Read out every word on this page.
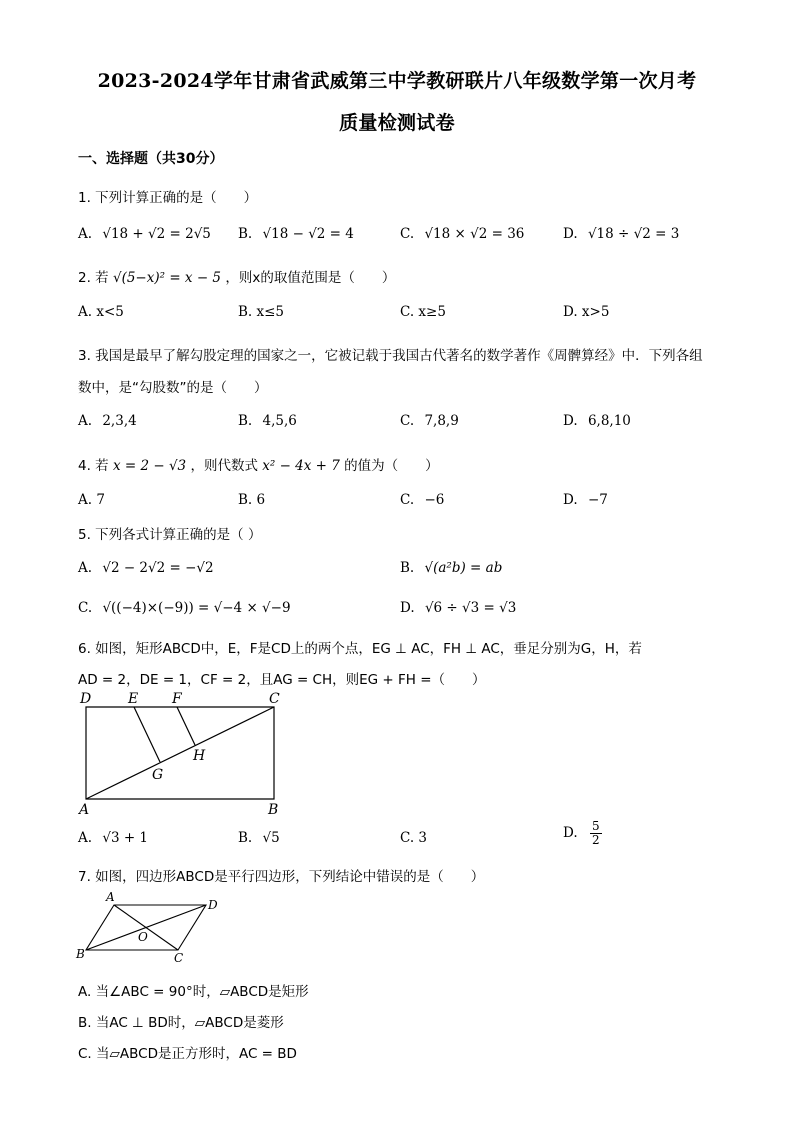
2023-2024学年甘肃省武威第三中学教研联片八年级数学第一次月考
质量检测试卷
一、选择题（共30分）
1. 下列计算正确的是（　　）
A. √18 + √2 = 2√5 B. √18 − √2 = 4	C. √18 × √2 = 36	D. √18 ÷ √2 = 3
2. 若 √(5−x)² = x − 5 ，则x的取值范围是（　　）
A. x<5	B. x≤5	C. x≥5	D. x>5
3. 我国是最早了解勾股定理的国家之一，它被记载于我国古代著名的数学著作《周髀算经》中．下列各组
数中，是“勾股数”的是（　　）
A. 2,3,4	B. 4,5,6	C. 7,8,9	D. 6,8,10
4. 若 x = 2 − √3 ，则代数式 x² − 4x + 7 的值为（　　）
A. 7	B. 6	C. −6	D. −7
5. 下列各式计算正确的是（ ）
A. √2 − 2√2 = −√2	B. √(a²b) = ab
C. √((−4)×(−9)) = √−4 × √−9	D. √6 ÷ √3 = √3
6. 如图，矩形ABCD中，E，F是CD上的两个点，EG ⊥ AC，FH ⊥ AC，垂足分别为G，H，若
AD = 2，DE = 1，CF = 2，且AG = CH，则EG + FH =（　　）
D	E F	C
H
G
A	B
A. √3 + 1	B. √5	C. 3	D. $\frac{5}{2}$
7. 如图，四边形ABCD是平行四边形，下列结论中错误的是（　　）
A
D
O
B	C
A. 当∠ABC = 90°时，▱ABCD是矩形
B. 当AC ⊥ BD时，▱ABCD是菱形
C. 当▱ABCD是正方形时，AC = BD
